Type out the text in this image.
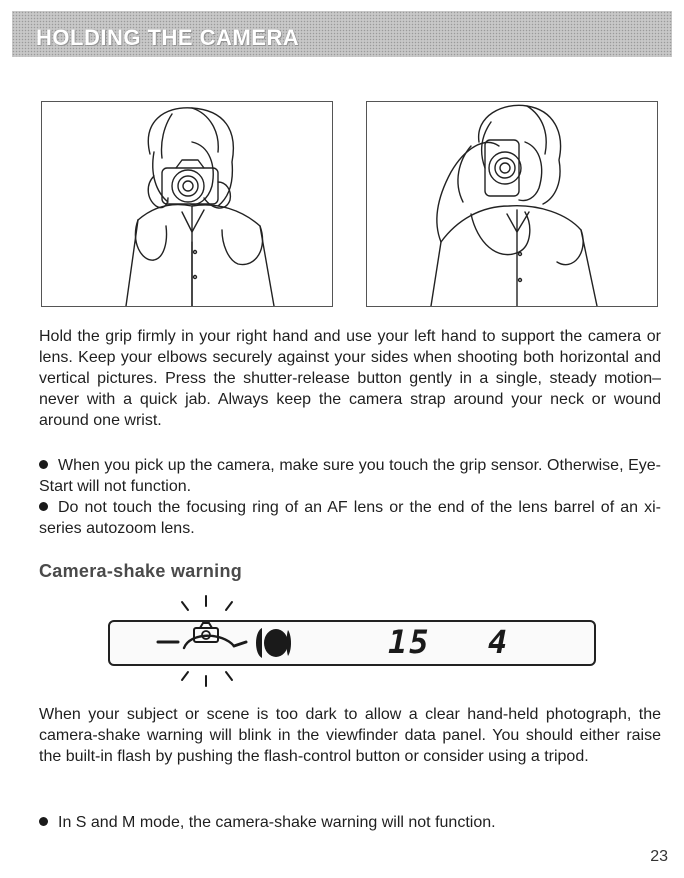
HOLDING THE CAMERA

Hold the grip firmly in your right hand and use your left hand to support the camera or lens. Keep your elbows securely against your sides when shooting both horizontal and vertical pictures. Press the shutter-release button gently in a single, steady motion–never with a quick jab. Always keep the camera strap around your neck or wound around one wrist.

When you pick up the camera, make sure you touch the grip sensor. Otherwise, Eye-Start will not function.

Do not touch the focusing ring of an AF lens or the end of the lens barrel of an xi-series autozoom lens.

Camera-shake warning
15 4

When your subject or scene is too dark to allow a clear hand-held photograph, the camera-shake warning will blink in the viewfinder data panel. You should either raise the built-in flash by pushing the flash-control button or consider using a tripod.

In S and M mode, the camera-shake warning will not function.

23
